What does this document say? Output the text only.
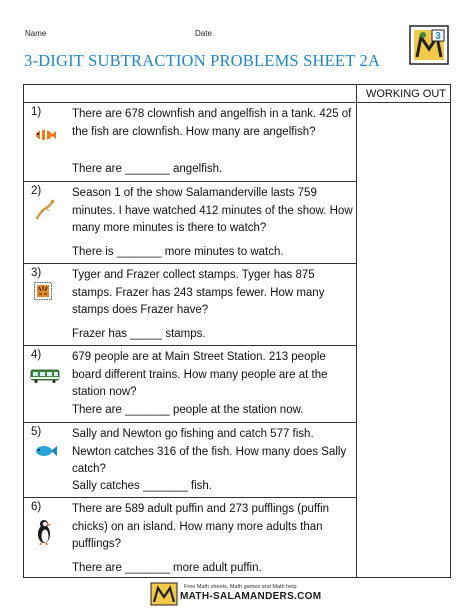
Name	Date
3-DIGIT SUBTRACTION PROBLEMS SHEET 2A
3
WORKING OUT
1)	There are 678 clownfish and angelfish in a tank. 425 of the fish are clownfish. How many are angelfish?
There are _______ angelfish.
2)	Season 1 of the show Salamanderville lasts 759 minutes. I have watched 412 minutes of the show. How many more minutes is there to watch?
There is _______ more minutes to watch.
3)	Tyger and Frazer collect stamps. Tyger has 875 stamps. Frazer has 243 stamps fewer. How many stamps does Frazer have?
Frazer has _____ stamps.
4)	679 people are at Main Street Station. 213 people board different trains. How many people are at the station now?
There are _______ people at the station now.
5)	Sally and Newton go fishing and catch 577 fish. Newton catches 316 of the fish. How many does Sally catch?
Sally catches _______ fish.
6)	There are 589 adult puffin and 273 pufflings (puffin chicks) on an island. How many more adults than pufflings?
There are _______ more adult puffin.
Free Math sheets, Math games and Math help
MATH-SALAMANDERS.COM
